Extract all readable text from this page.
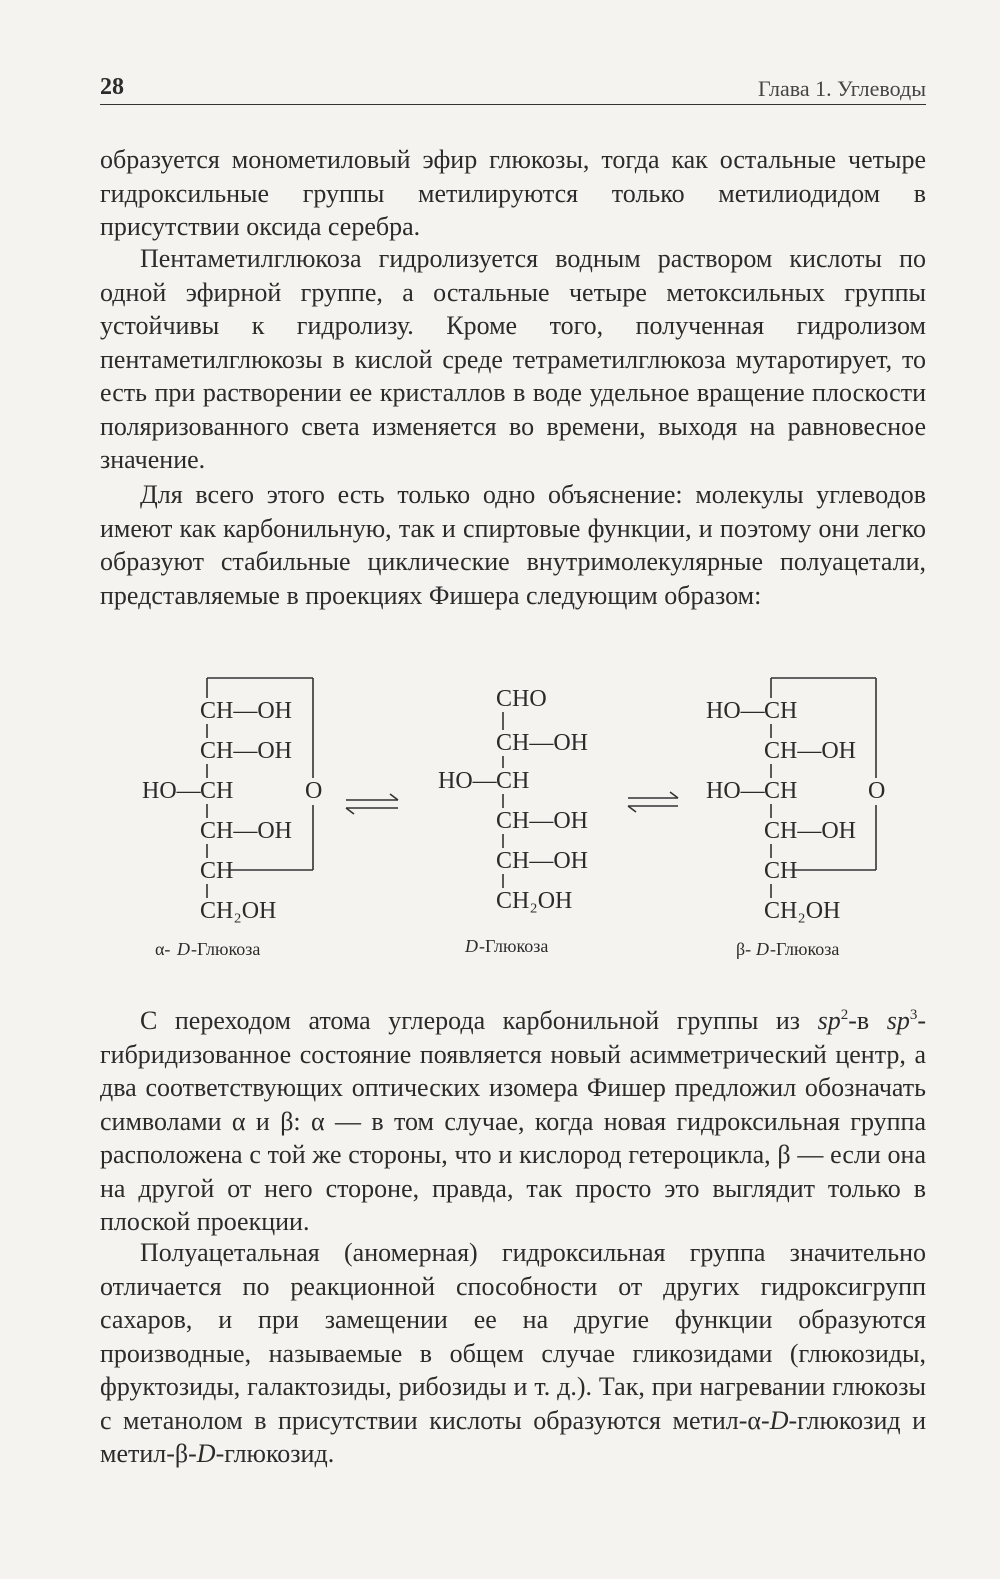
28	Глава 1. Углеводы

образуется монометиловый эфир глюкозы, тогда как остальные четыре гидроксильные группы метилируются только метилиодидом в присутствии оксида серебра.

Пентаметилглюкоза гидролизуется водным раствором кислоты по одной эфирной группе, а остальные четыре метоксильных группы устойчивы к гидролизу. Кроме того, полученная гидролизом пентаметилглюкозы в кислой среде тетраметилглюкоза мутаротирует, то есть при растворении ее кристаллов в воде удельное вращение плоскости поляризованного света изменяется во времени, выходя на равновесное значение.

Для всего этого есть только одно объяснение: молекулы углеводов имеют как карбонильную, так и спиртовые функции, и поэтому они легко образуют стабильные циклические внутримолекулярные полуацетали, представляемые в проекциях Фишера следующим образом:

CH—OH
CH—OH
HO— CH
CH—OH
CH
CH₂OH
O
α- D -Глюкоза
CHO
CH—OH
HO— CH
CH—OH
CH—OH
CH₂OH
D -Глюкоза
HO— CH
CH—OH
HO— CH
CH—OH
CH
CH₂OH
O
β- D -Глюкоза

С переходом атома углерода карбонильной группы из $sp^2-в$ $sp^3$-гибридизованное состояние появляется новый асимметрический центр, а два соответствующих оптических изомера Фишер предложил обозначать символами α и β: α — в том случае, когда новая гидроксильная группа расположена с той же стороны, что и кислород гетероцикла, β — если она на другой от него стороне, правда, так просто это выглядит только в плоской проекции.

Полуацетальная (аномерная) гидроксильная группа значительно отличается по реакционной способности от других гидроксигрупп сахаров, и при замещении ее на другие функции образуются производные, называемые в общем случае гликозидами (глюкозиды, фруктозиды, галактозиды, рибозиды и т. д.). Так, при нагревании глюкозы с метанолом в присутствии кислоты образуются метил-α-D-глюкозид и метил-β-D-глюкозид.
